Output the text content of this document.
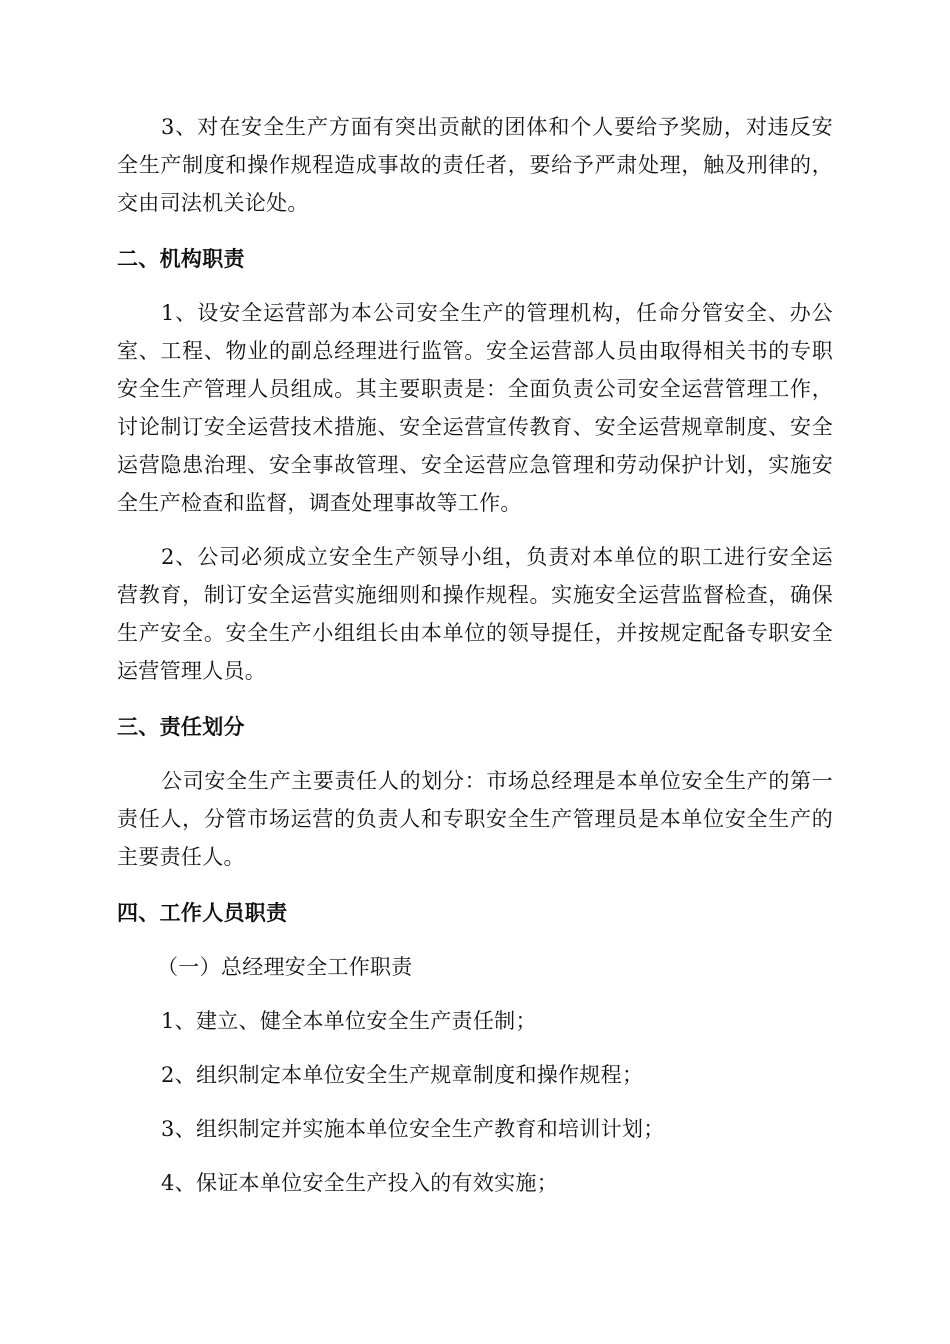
3、对在安全生产方面有突出贡献的团体和个人要给予奖励，对违反安全生产制度和操作规程造成事故的责任者，要给予严肃处理，触及刑律的，交由司法机关论处。

二、机构职责

1、设安全运营部为本公司安全生产的管理机构，任命分管安全、办公室、工程、物业的副总经理进行监管。安全运营部人员由取得相关书的专职安全生产管理人员组成。其主要职责是：全面负责公司安全运营管理工作，讨论制订安全运营技术措施、安全运营宣传教育、安全运营规章制度、安全运营隐患治理、安全事故管理、安全运营应急管理和劳动保护计划，实施安全生产检查和监督，调查处理事故等工作。

2、公司必须成立安全生产领导小组，负责对本单位的职工进行安全运营教育，制订安全运营实施细则和操作规程。实施安全运营监督检查，确保生产安全。安全生产小组组长由本单位的领导提任，并按规定配备专职安全运营管理人员。

三、责任划分

公司安全生产主要责任人的划分：市场总经理是本单位安全生产的第一责任人，分管市场运营的负责人和专职安全生产管理员是本单位安全生产的主要责任人。

四、工作人员职责

（一）总经理安全工作职责

1、建立、健全本单位安全生产责任制；

2、组织制定本单位安全生产规章制度和操作规程；

3、组织制定并实施本单位安全生产教育和培训计划；

4、保证本单位安全生产投入的有效实施；
